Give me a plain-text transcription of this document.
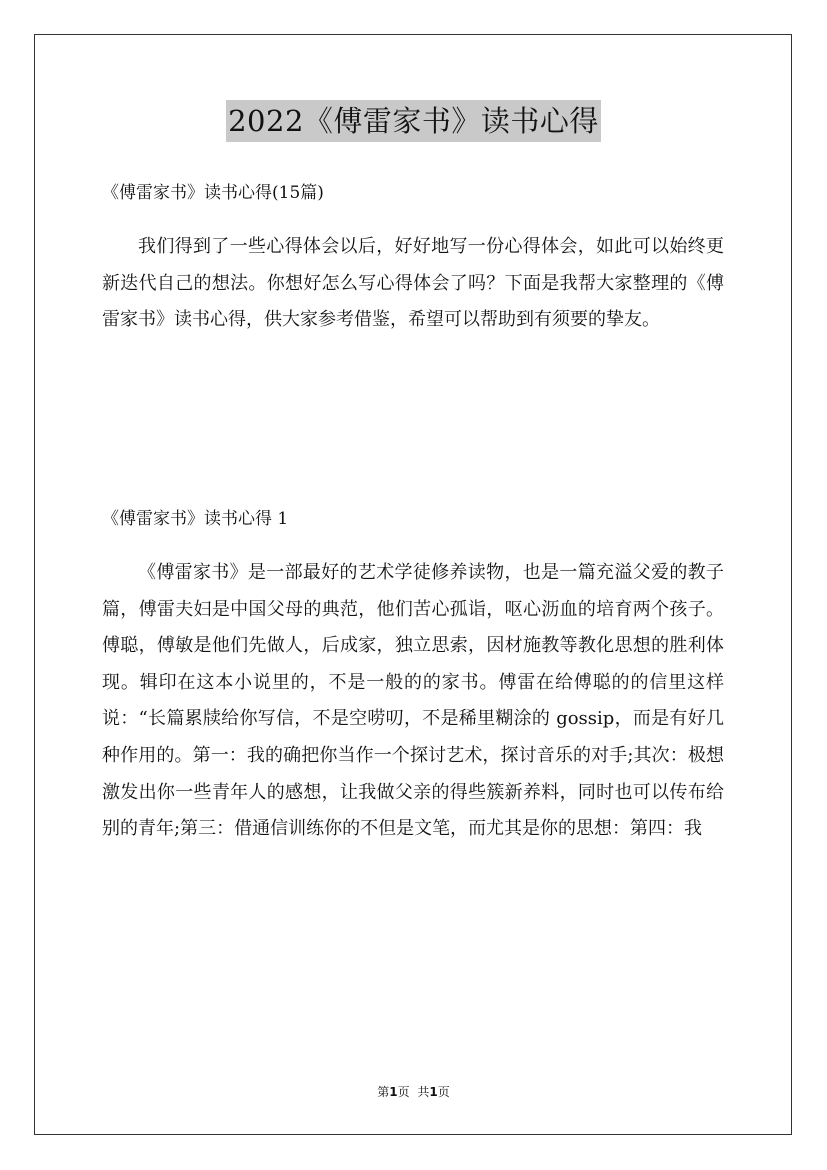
2022《傅雷家书》读书心得
《傅雷家书》读书心得(15篇)
我们得到了一些心得体会以后，好好地写一份心得体会，如此可以始终更新迭代自己的想法。你想好怎么写心得体会了吗？下面是我帮大家整理的《傅雷家书》读书心得，供大家参考借鉴，希望可以帮助到有须要的挚友。
《傅雷家书》读书心得 1
《傅雷家书》是一部最好的艺术学徒修养读物，也是一篇充溢父爱的教子篇，傅雷夫妇是中国父母的典范，他们苦心孤诣，呕心沥血的培育两个孩子。傅聪，傅敏是他们先做人，后成家，独立思索，因材施教等教化思想的胜利体现。辑印在这本小说里的，不是一般的的家书。傅雷在给傅聪的的信里这样说：“长篇累牍给你写信，不是空唠叨，不是稀里糊涂的 gossip，而是有好几种作用的。第一：我的确把你当作一个探讨艺术，探讨音乐的对手;其次：极想激发出你一些青年人的感想，让我做父亲的得些簇新养料，同时也可以传布给别的青年;第三：借通信训练你的不但是文笔，而尤其是你的思想：第四：我
第1页 共1页
